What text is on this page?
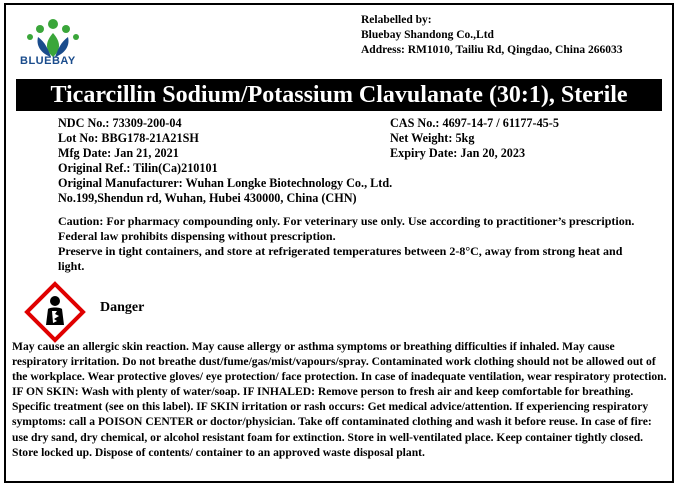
BLUEBAY
Relabelled by:
Bluebay Shandong Co.,Ltd
Address: RM1010, Tailiu Rd, Qingdao, China 266033
Ticarcillin Sodium/Potassium Clavulanate (30:1), Sterile
NDC No.: 73309-200-04
Lot No: BBG178-21A21SH
Mfg Date: Jan 21, 2021
Original Ref.: Tilin(Ca)210101
Original Manufacturer: Wuhan Longke Biotechnology Co., Ltd.
No.199,Shendun rd, Wuhan, Hubei 430000, China (CHN)
CAS No.: 4697-14-7 / 61177-45-5
Net Weight: 5kg
Expiry Date: Jan 20, 2023
Caution: For pharmacy compounding only. For veterinary use only. Use according to practitioner’s prescription. Federal law prohibits dispensing without prescription.
Preserve in tight containers, and store at refrigerated temperatures between 2-8°C, away from strong heat and light.
Danger
May cause an allergic skin reaction. May cause allergy or asthma symptoms or breathing difficulties if inhaled. May cause respiratory irritation. Do not breathe dust/fume/gas/mist/vapours/spray. Contaminated work clothing should not be allowed out of the workplace. Wear protective gloves/ eye protection/ face protection. In case of inadequate ventilation, wear respiratory protection. IF ON SKIN: Wash with plenty of water/soap. IF INHALED: Remove person to fresh air and keep comfortable for breathing. Specific treatment (see on this label). IF SKIN irritation or rash occurs: Get medical advice/attention. If experiencing respiratory symptoms: call a POISON CENTER or doctor/physician. Take off contaminated clothing and wash it before reuse. In case of fire: use dry sand, dry chemical, or alcohol resistant foam for extinction. Store in well-ventilated place. Keep container tightly closed. Store locked up. Dispose of contents/ container to an approved waste disposal plant.
